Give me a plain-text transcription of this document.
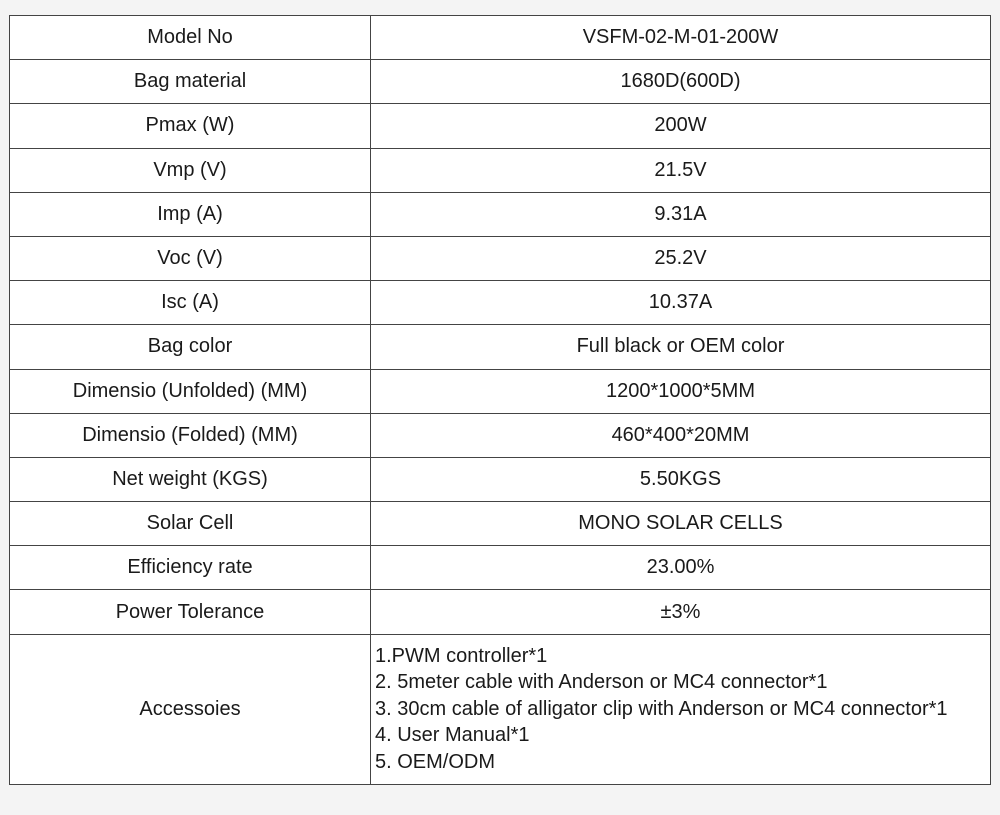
Model No	VSFM-02-M-01-200W
Bag material	1680D(600D)
Pmax (W)	200W
Vmp (V)	21.5V
Imp (A)	9.31A
Voc (V)	25.2V
Isc (A)	10.37A
Bag color	Full black or OEM color
Dimensio (Unfolded) (MM)	1200*1000*5MM
Dimensio (Folded) (MM)	460*400*20MM
Net weight (KGS)	5.50KGS
Solar Cell	MONO SOLAR CELLS
Efficiency rate	23.00%
Power Tolerance	±3%
Accessoies	1.PWM controller*1
2. 5meter cable with Anderson or MC4 connector*1
3. 30cm cable of alligator clip with Anderson or MC4 connector*1
4. User Manual*1
5. OEM/ODM
